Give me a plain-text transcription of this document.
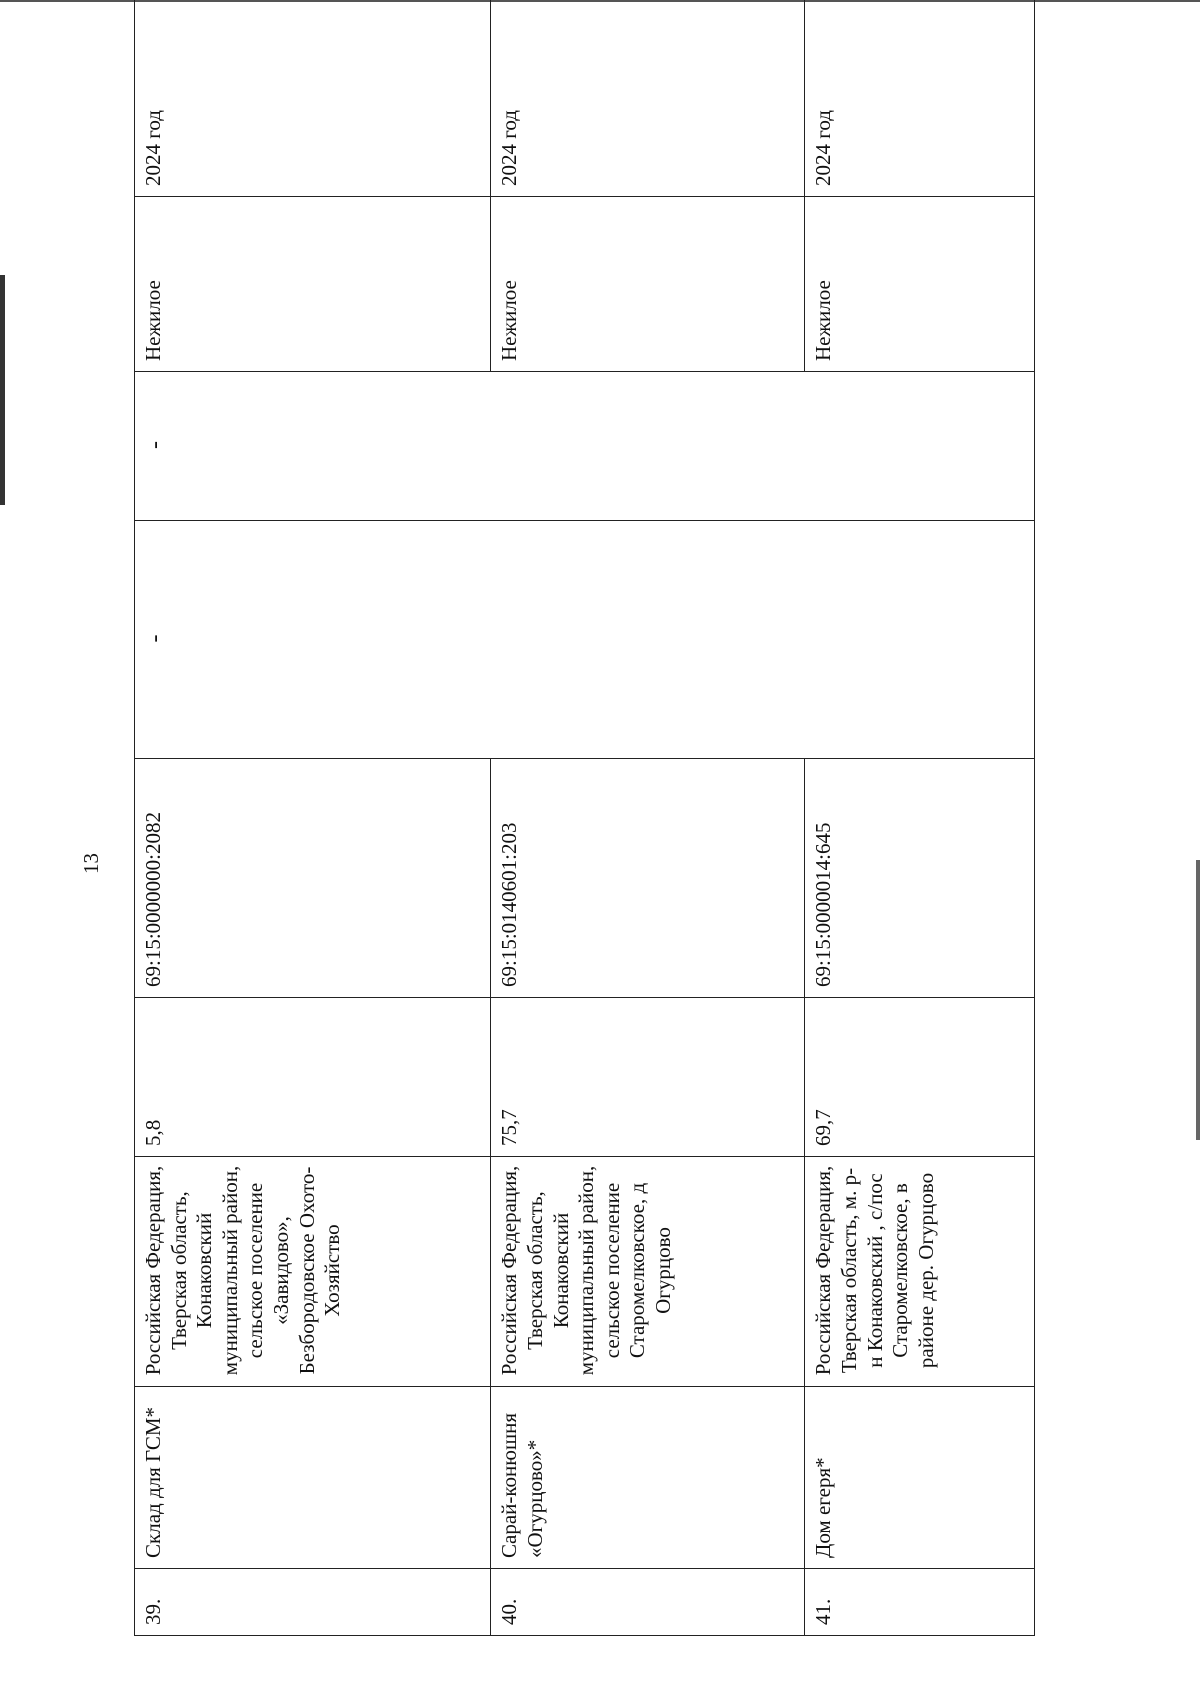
13
39.	Склад для ГСМ*	Российская Федерация, Тверская область, Конаковский муниципальный район, сельское поселение «Завидово», Безбородовское Охото-Хозяйство	5,8	69:15:0000000:2082	-	-	Нежилое	2024 год
40.	Сарай-конюшня «Огурцово»*	Российская Федерация, Тверская область, Конаковский муниципальный район, сельское поселение Старомелковское, д Огурцово	75,7	69:15:0140601:203			Нежилое	2024 год
41.	Дом егеря*	Российская Федерация, Тверская область, м. р-н Конаковский , с/пос Старомелковское, в районе дер. Огурцово	69,7	69:15:0000014:645			Нежилое	2024 год
